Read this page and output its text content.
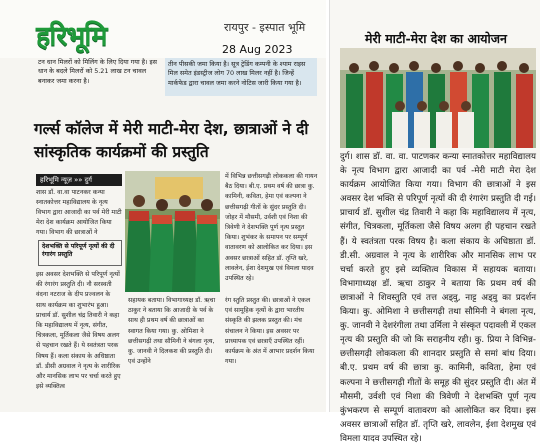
हरिभूमि	रायपुर - इस्पात भूमि
28 Aug 2023
टन धान मिलरों को मिलिंग के लिए दिया गया है। इस धान के बदले मिलरों को 5.21 लाख टन चावल बनाकर जमा करना है।
तीन पीसकी जमा किया है। सूत्र ट्रेडिंग कम्पनी के श्याम राइस मिल समेत इंडस्ट्रीज लोग 70 लाख मिलर नहीं है। जिन्हें मार्कफेड द्वारा चावल जमा करने नोटिस जारी किया गया है।
गर्ल्स कॉलेज में मेरी माटी-मेरा देश, छात्राओं ने दी सांस्कृतिक कार्यक्रमों की प्रस्तुति
हरिभूमि न्यूज़ »» दुर्ग
शास डॉ. वा.वा पाटनकर कन्या स्नातकोत्तर महाविद्यालय के नृत्य विभाग द्वारा आजादी का पर्व मेरी माटी मेरा देश कार्यक्रम आयोजित किया गया। विभाग की छात्राओं ने
देशभक्ति से परिपूर्ण नृत्यों की दी रंगारंग प्रस्तुति
इस अवसर देशभक्ति से परिपूर्ण नृत्यों की रंगारंग प्रस्तुति दी। नौ सरस्वती वंदना नटराज के दीप प्रज्वलन के साथ कार्यक्रम का शुभारंभ हुआ। प्राचार्य डॉ. सुशील चंद्र तिवारी ने कहा कि महाविद्यालय में नृत्य, संगीत, चित्रकला, मूर्तिकला जैसे विषय अलग से पहचान रखते हैं। ये स्वतंत्रता परक विषय हैं। कला संकाय के अधिष्ठाता डॉ. डीसी अग्रवाल ने नृत्य के शारीरिक और मानसिक लाभ पर चर्चा करते हुए इसे व्यक्तित्व
में विभिन्न छत्तीसगढ़ी लोककला की गायन बैठ दिया। बी.ए. प्रथम वर्ष की छात्रा कु. कामिनी, कविता, हेमा एवं कल्पना ने छत्तीसगढ़ी गीतों के सुंदर प्रस्तुति दी। जोहर में मौसमी, उर्वशी एवं निशा की त्रिवेणी ने देशभक्ति पूर्ण नृत्य प्रस्तुत किया। शुभंकर के समापन पर सम्पूर्ण वातावरण को आलोकित कर दिया। इस अवसर छात्राओं सहित डॉ. तृप्ति खरे, लावलेन, ईशा देशमुख एवं विमला यादव उपस्थित रहे।
सहायक बताया। विभागाध्यक्ष डॉ. ऋचा ठाकुर ने बताया कि आजादी के पर्व के साथ ही प्रथम वर्ष की छात्राओं का स्वागत किया गया। कु. ओमिशा ने छत्तीसगढ़ी तथा सौमिनी ने बंगला नृत्य, कु. जानवी ने दिलकश की प्रस्तुति दी। एवं उन्होंने
रंग स्तुति प्रस्तुत की। छात्राओं ने एकल एवं सामूहिक नृत्यों के द्वारा भारतीय संस्कृति की झलक प्रस्तुत की। मंच संचालन ने किया। इस अवसर पर प्राध्यापक एवं छात्राएँ उपस्थित रहीं। कार्यक्रम के अंत में आभार प्रदर्शन किया गया।
मेरी माटी-मेरा देश का आयोजन
दुर्ग। शास डॉ. वा. वा. पाटणकर कन्या स्नातकोत्तर महाविद्यालय के नृत्य विभाग द्वारा आजादी का पर्व -मेरी माटी मेरा देश कार्यक्रम आयोजित किया गया। विभाग की छात्राओं ने इस अवसर देश भक्ति से परिपूर्ण नृत्यों की दी रंगारंग प्रस्तुति दी गई। प्राचार्य डॉ. सुशील चंद्र तिवारी ने कहा कि महाविद्यालय में नृत्य, संगीत, चित्रकला, मूर्तिकला जैसे विषय अलग ही पहचान रखते हैं। ये स्वतंत्रता परक विषय है। कला संकाय के अधिष्ठाता डॉ. डी.सी. अग्रवाल ने नृत्य के शारीरिक और मानसिक लाभ पर चर्चा करते हुए इसे व्यक्तित्व विकास में सहायक बताया। विभागाध्यक्ष डॉ. ऋचा ठाकुर ने बताया कि प्रथम वर्ष की छात्राओं ने शिवस्तुति एवं तत्त अड्वु, नाट्ट अड्वु का प्रदर्शन किया। कु. ओमिशा ने छत्तीसगढ़ी तथा सौमिनी ने बंगला नृत्य, कु. जानवी ने देशरंगीला तथा उर्मिला ने संस्कृत पदावली में एकल नृत्य की प्रस्तुति की जो कि सराहनीय रही। कु. प्रिया ने विभिन्न-छत्तीसगढ़ी लोककला की शानदार प्रस्तुति से समां बांध दिया। बी.ए. प्रथम वर्ष की छात्रा कु. कामिनी, कविता, हेमा एवं कल्पना ने छत्तीसगढ़ी गीतों के समूह की सुंदर प्रस्तुति दी। अंत में मौसमी, उर्वशी एवं निशा की त्रिवेणी ने देशभक्ति पूर्ण नृत्य कुंभकरण से सम्पूर्ण वातावरण को आलोकित कर दिया। इस अवसर छात्राओं सहित डॉ. तृप्ति खरे, लावलेन, ईशा देशमुख एवं विमला यादव उपस्थित रहे।
